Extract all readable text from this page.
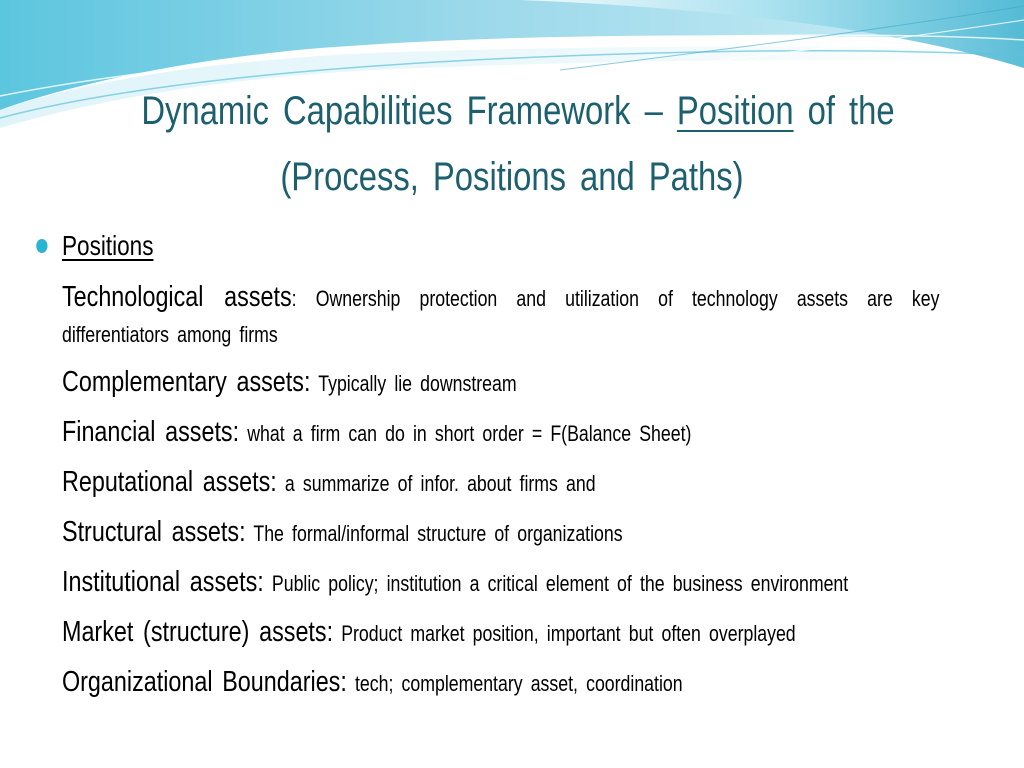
Dynamic Capabilities Framework – Position of the
(Process, Positions and Paths)
Positions
Technological assets: Ownership protection and utilization of technology assets are key differentiators among firms
Complementary assets: Typically lie downstream
Financial assets: what a firm can do in short order = F(Balance Sheet)
Reputational assets: a summarize of infor. about firms and
Structural assets: The formal/informal structure of organizations
Institutional assets: Public policy; institution a critical element of the business environment
Market (structure) assets: Product market position, important but often overplayed
Organizational Boundaries: tech; complementary asset, coordination
